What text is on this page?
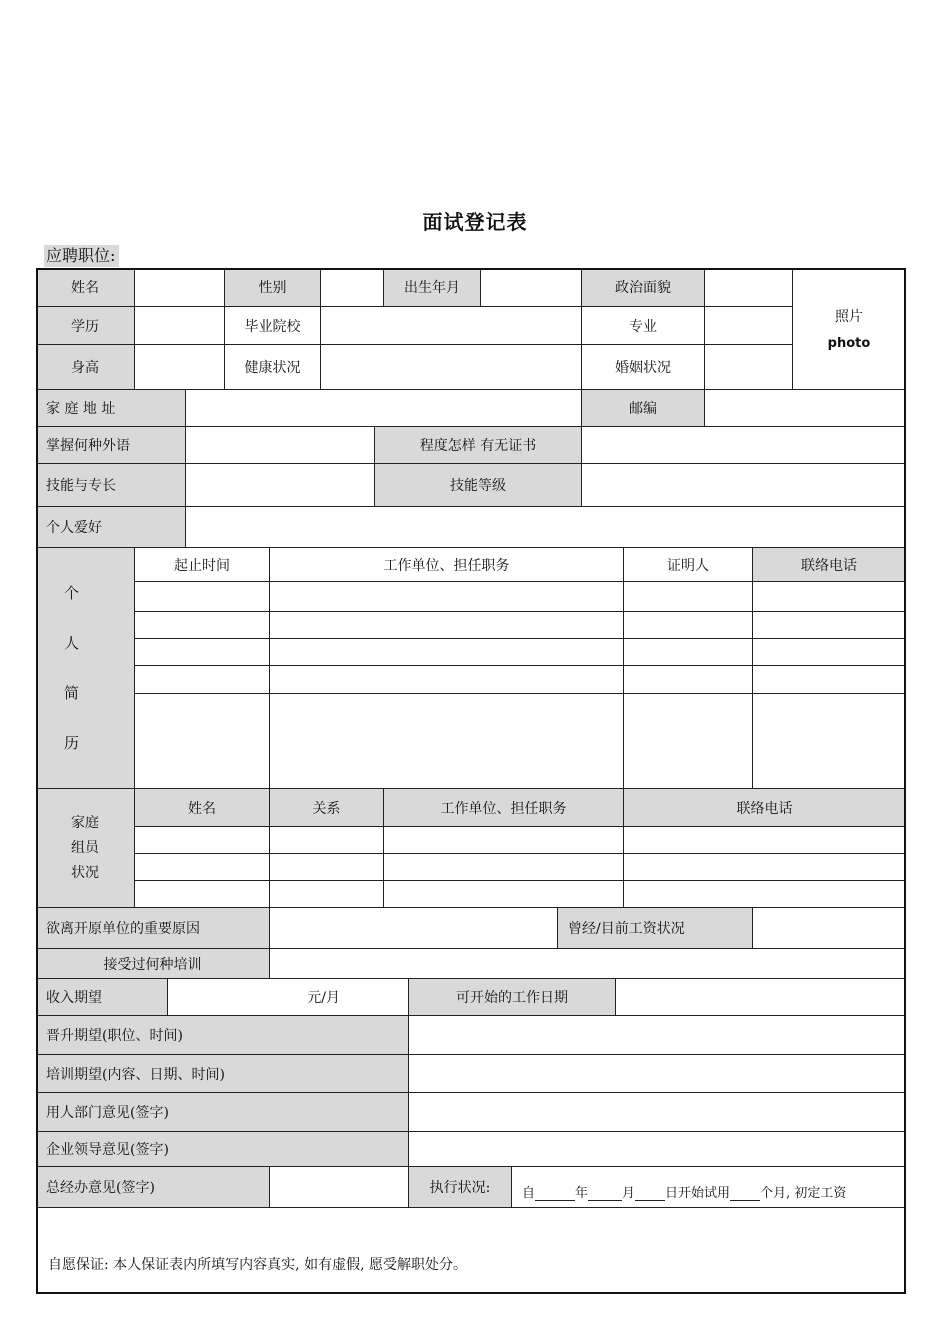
面试登记表
应聘职位:
姓名	性别	出生年月	政治面貌
照片
photo
学历	毕业院校	专业
身高	健康状况	婚姻状况
家 庭 地 址	邮编
掌握何种外语	程度怎样 有无证书
技能与专长	技能等级
个人爱好
个
人
简
历
起止时间	工作单位、担任职务	证明人	联络电话
家庭
组员
状况
姓名	关系	工作单位、担任职务	联络电话
欲离开原单位的重要原因	曾经/目前工资状况
接受过何种培训
收入期望	元/月	可开始的工作日期
晋升期望(职位、时间)
培训期望(内容、日期、时间)
用人部门意见(签字)
企业领导意见(签字)
总经办意见(签字)	执行状况:	自	年	月 日开始试用 个月, 初定工资
自愿保证: 本人保证表内所填写内容真实, 如有虚假, 愿受解职处分。
